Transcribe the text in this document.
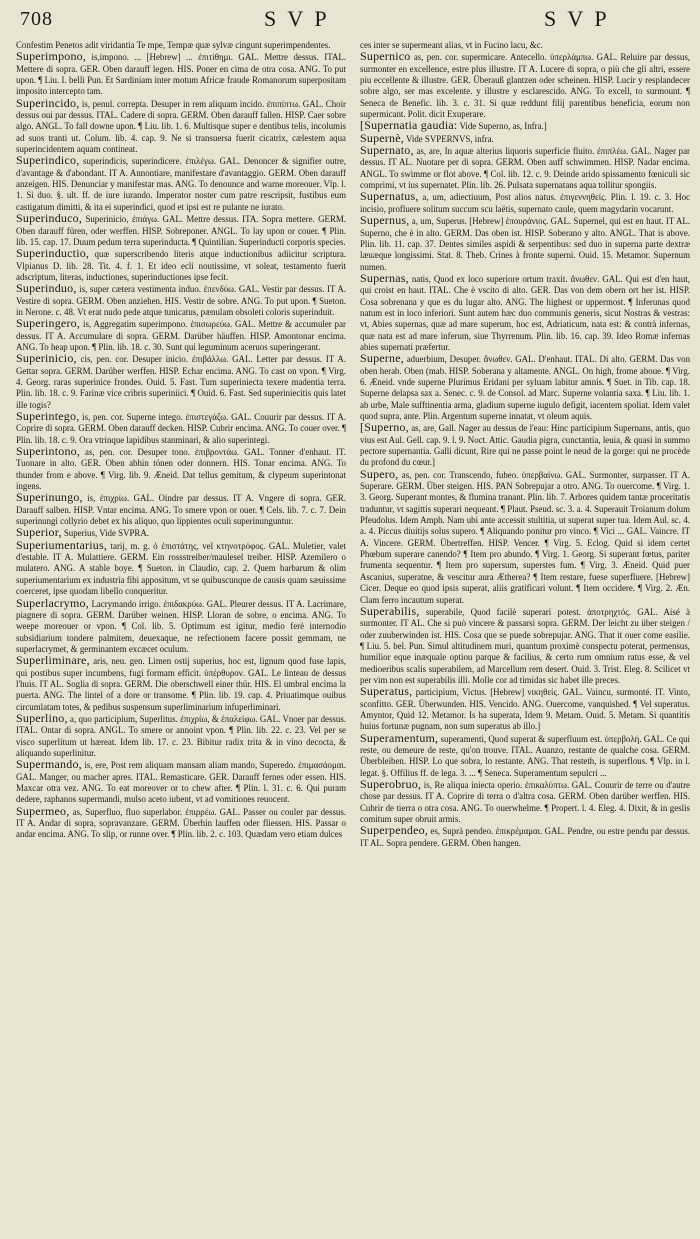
708	S V P	S V P

Confestim Penetos adit viridantia Te mpe, Tempæ quæ sylvæ cingunt superimpendentes.

Superimpono, is,impono. ... [Hebrew] ... ἐπιτίθημι. GAL. Mettre dessus. ITAL. Mettere di sopra. GER. Oben darauff legen. HIS. Poner en cima de otra cosa. ANG. To put upon. ¶ Liu. I. belli Pun. Et Sardiniam inter motum Africæ fraude Romanorum superpositam imposito intercepto tam.

Superincido, is, penul. correpta. Desuper in rem aliquam incido. ἐπιπίπτω. GAL. Choir dessus oui par dessus. ITAL. Cadere di sopra. GERM. Oben darauff fallen. HISP. Caer sobre algo. ANGL. To fall downe upon. ¶ Liu. lib. 1. 6. Multisque super e dentibus telis, incolumis ad suos tranti ut. Colum. lib. 4. cap. 9. Ne si transuersa fuerit cicatrix, cælestem aqua superincidentem aquam contineat.

Superindico, superindicis, superindicere. ἐπιλέγω. GAL. Denoncer & signifier outre, d'avantage & d'abondant. IT A. Annontiare, manifestare d'avantaggio. GERM. Oben darauff anzeigen. HIS. Denunciar y manifestar mas. ANG. To denounce and warne moreouer. Vlp. l. 1. Si duo. §. ult. ff. de iure iurando. Imperator noster cum patre rescripsit, fustibus eum castigatum dimitti, & ita ei superindici, quod et ipsi est re pulante ne iurato.

Superinduco, Superinicio, ἐπιάγω. GAL. Mettre dessus. ITA. Sopra mettere. GERM. Oben darauff füren, oder werffen. HISP. Sobreponer. ANGL. To lay upon or couer. ¶ Plin. lib. 15. cap. 17. Duum pedum terra superinducta. ¶ Quintilian. Superinducti corporis species.

Superinductio, quæ superscribendo literis atque inductionibus adiicitur scriptura. Vlpianus D. lib. 28. Tit. 4. f. 1. Et ideo ecli noutissime, vt soleat, testamento fuerit adscriptum, literas, inductiones, superinductiones ipse fecit.

Superinduo, is, super cætera vestimenta induo. ἐπενδύω. GAL. Vestir par dessus. IT A. Vestire di sopra. GERM. Oben anziehen. HIS. Vestir de sobre. ANG. To put upon. ¶ Sueton. in Nerone. c. 48. Vt erat nudo pede atque tunicatus, pænulam obsoleti coloris superinduit.

Superingero, is, Aggregatim superimpono. ἐπισωρεύω. GAL. Mettre & accumuler par dessus. IT A. Accumulare di sopra. GERM. Darüber häuffen. HISP. Amontonar encima. ANG. To heap upon. ¶ Plin. lib. 18. c. 30. Sunt qui leguminum aceruos superingerant.

Superinicio, cis, pen. cor. Desuper inicio. ἐπιβάλλω. GAL. Letter par dessus. IT A. Gettar sopra. GERM. Darüber werffen. HISP. Echar encima. ANG. To cast on vpon. ¶ Virg. 4. Georg. raras superinice frondes. Ouid. 5. Fast. Tum superiniecta texere madentia terra. Plin. lib. 18. c. 9. Farinæ vice cribris superiniici. ¶ Ouid. 6. Fast. Sed superiniecitis quis latet ille togis?

Superintego, is, pen. cor. Superne intego. ἐπιστεγάζω. GAL. Couurir par dessus. IT A. Coprire di sopra. GERM. Oben darauff decken. HISP. Cubrir encima. ANG. To couer over. ¶ Plin. lib. 18. c. 9. Ora vtrinque lapidibus stanminari, & alio superintegi.

Superintono, as, pen. cor. Desuper tono. ἐπιβροντάω. GAL. Tonner d'enhaut. IT. Tuonare in alto. GER. Oben abhin tönen oder donnern. HIS. Tonar encima. ANG. To thunder from e above. ¶ Virg. lib. 9. Æneid. Dat tellus gemitum, & clypeum superintonat ingens.

Superinungo, is, ἐπιχρίω. GAL. Oindre par dessus. IT A. Vngere di sopra. GER. Darauff salben. HISP. Vntar encima. ANG. To smere vpon or ouer. ¶ Cels. lib. 7. c. 7. Dein superinungi collyrio debet ex his aliquo, quo lippientes oculi superinunguntur.

Superior, Superius, Vide SVPRA.

Superiumentarius, tarij, m. g. ὁ ἐπιστάτης, vel κτηνοτρόφος. GAL. Muletier, valet d'estable. IT A. Mulattiere. GERM. Ein rossstreiber/maulesel treiber. HISP. Azemilero o mulatero. ANG. A stable boye. ¶ Sueton. in Claudio, cap. 2. Quem barbarum & olim superiumentarium ex industria fibi appositum, vt se quibuscunque de causis quam sæuissime coerceret, ipse quodam libello conqueritur.

Superlacrymo, Lacrymando irrigo. ἐπιδακρύω. GAL. Pleurer dessus. IT A. Lacrimare, piagnere di sopra. GERM. Darüber weinen. HISP. Lloran de sobre, o encima. ANG. To weepe moreouer or vpon. ¶ Col. lib. 5. Optimum est igitur, medio ferè internodio subsidiarium tondere palmitem, deuexaque, ne refectionem facere possit gemmam, ne superlacrymet, & germinantem excæcet oculum.

Superliminare, aris, neu. gen. Limen ostij superius, hoc est, lignum quod fuse lapis, qui postibus super incumbens, fugi formam efficit. ὑπέρθυρον. GAL. Le linteau de dessus l'huis. IT AL. Soglia di sopra. GERM. Die oberschwell einer thür. HIS. El umbral encima la puerta. ANG. The lintel of a dore or transome. ¶ Plin. lib. 19. cap. 4. Priuatimque ouibus circumlatam totes, & pedibus suspensum superliminarium infuperliminari.

Superlino, a, quo participium, Superlitus. ἐπιχρίω, & ἐπαλείφω. GAL. Vnoer par dessus. ITAL. Ontar di sopra. ANGL. To smere or annoint vpon. ¶ Plin. lib. 22. c. 23. Vel per se visco superlitum ut hæreat. Idem lib. 17. c. 23. Bibitur radix trita & in vino decocta, & aliquando superlinitur.

Supermando, is, ere, Post rem aliquam mansam aliam mando, Superedo. ἐπιμασάομαι. GAL. Manger, ou macher apres. ITAL. Remasticare. GER. Darauff fernes oder essen. HIS. Maxcar otra vez. ANG. To eat moreover or to chew after. ¶ Plin. l. 31. c. 6. Qui puram dedere, raphanos supermandi, mulso aceto iubent, vt ad vomitiones reuocent.

Supermeo, as, Superfluo, fluo superlabor. ἐπιρρέω. GAL. Passer ou couler par dessus. IT A. Andar di sopra, sopravanzare. GERM. Überhin lauffen oder fliessen. HIS. Passar o andar encima. ANG. To slip, or runne over. ¶ Plin. lib. 2. c. 103. Quædam vero etiam dulces

ces inter se supermeant alias, vt in Fucino lacu, &c.

Supernico as, pen. cor. supermicare. Antecello. ὑπερλάμπω. GAL. Reluire par dessus, surmonter en excellence, estre plus illustre. IT A. Lucere di sopra, o più che gli altri, essere piu eccellente & illustre. GER. Überauß glantzen oder scheinen. HISP. Lucir y resplandecer sobre algo, ser mas excelente. y illustre y esclarescido. ANG. To excell, to surmount. ¶ Seneca de Benefic. lib. 3. c. 31. Si quæ reddunt filij parentibus beneficia, eorum non supermicant. Polit. dicit Exuperare.

[Supernatia gaudia: Vide Superno, as, Infra.]

Supernè, Vide SVPERNVS, infra.

Supernato, as, are, In aquæ alterius liquoris superficie fluito. ἐπιπλέω. GAL. Nager par dessus. IT AL. Nuotare per di sopra. GERM. Oben auff schwimmen. HISP. Nadar encima. ANGL. To swimme or flot above. ¶ Col. lib. 12. c. 9. Deinde arido spissamento fœniculi sic comprimi, vt ius supernatet. Plin. lib. 26. Pulsata supernatans aqua tollitur spongiis.

Supernatus, a, um, adiectiuum, Post alios natus. ἐπιγεννηθείς. Plin. l. 19. c. 3. Hoc incisio, profluere solitum succum scu laëtis, supernato caule, quem magydarin vocarunt.

Supernus, a, um, Superus. [Hebrew] ἐπουράνιος. GAL. Supernel, qui est en haut. IT AL. Superno, che è in alto. GERM. Das oben ist. HISP. Soberano y alto. ANGL. That is above. Plin. lib. 11. cap. 37. Dentes similes aspidi & serpentibus: sed duo in superna parte dextræ læuæque longissimi. Stat. 8. Theb. Crines à fronte superni. Ouid. 15. Metamor. Supernum numen.

Supernas, natis, Quod ex loco superiore ortum traxit. ἄνωθεν. GAL. Qui est d'en haut, qui croist en haut. ITAL. Che è vscito di alto. GER. Das von dem obern ort her ist. HISP. Cosa sobrenana y que es du lugar alto. ANG. The highest or uppermost. ¶ Inferunas quod natum est in loco inferiori. Sunt autem hæc duo communis generis, sicut Nostras & vestras: vt, Abies supernas, quæ ad mare superum, hoc est, Adriaticum, nata est: & contrà infernas, quæ nata est ad mare inferum, siue Thyrrenum. Plin. lib. 16. cap. 39. Ideo Romæ infernas abies supernati præfertur.

Superne, aduerbium, Desuper. ἄνωθεν. GAL. D'enhaut. ITAL. Di alto. GERM. Das von oben herab. Oben (mab. HISP. Soberana y altamente. ANGL. On high, frome aboue. ¶ Virg. 6. Æneid. vnde superne Plurimus Eridani per syluam labitur amnis. ¶ Suet. in Tib. cap. 18. Superne delapsa sax a. Senec. c. 9. de Consol. ad Marc. Superne volantia saxa. ¶ Liu. lib. 1. ab urbe, Male sufftinentia arma, gladium superne iugulo defigit, iacentem spoliat. Idem valet quod supra, ante. Plin. Argentum superne innatat, vt oleum aquis.

[Superno, as, are, Gall. Nager au dessus de l'eau: Hinc participium Supernans, antis, quo vius est Aul. Gell. cap. 9. l. 9. Noct. Attic. Gaudia pigra, cunctantia, leuia, & quasi in summo pectore supernantia. Galli dicunt, Rire qui ne passe point le neud de la gorge: qui ne procède du profond du cœur.]

Supero, as, pen. cor. Transcendo, fubeo. ὑπερβαίνω. GAL. Surmonter, surpasser. IT A. Superare. GERM. Über steigen. HIS. PAN Sobrepujar a otro. ANG. To ouercome. ¶ Virg. 1. 3. Georg. Superant montes, & flumina tranant. Plin. lib. 7. Arbores quidem tantæ proceritatis traduntur, vt sagittis superari nequeant. ¶ Plaut. Pseud. sc. 3. a. 4. Superauit Troianum dolum Pfeudolus. Idem Amph. Nam ubi ante accessit stultitia, ut superat super tua. Idem Aul. sc. 4. a. 4. Piccus diuitijs solus supero. ¶ Aliquando ponitur pro vinco. ¶ Vici ... GAL. Vaincre. IT A. Vincere. GERM. Übertreffen. HISP. Vencer. ¶ Virg. 5. Eclog. Quid si idem certet Phœbum superare canendo? ¶ Item pro abundo. ¶ Virg. 1. Georg. Si superant fœtus, pariter frumenta sequentur. ¶ Item pro supersum, superstes fum. ¶ Virg. 3. Æneid. Quid puer Ascanius, superatne, & vescitur aura Ætherea? ¶ Item restare, fuese superfluere. [Hebrew] Cicer. Deque eo quod ipsis superat, aliis gratificari volunt. ¶ Item occidere. ¶ Virg. 2. Æn. Clam ferro incautum superat.

Superabilis, superabile, Quod facilè superari potest. ἀποτρηχτός. GAL. Aisé à surmonter. IT AL. Che si può vincere & passarsi sopra. GERM. Der leicht zu über steigen / oder zuuberwinden ist. HIS. Cosa que se puede sobrepujar. ANG. That it ouer come easilie. ¶ Liu. 5. bel. Pun. Simul altitudinem muri, quantum proximè conspectu poterat, permensus, humilior eque inæquale optiou parque & facilius, & certo rum omnium ratus esse, & vel medioeribus scalis superabilem, ad Marcellum rem desert. Ouid. 3. Trist. Eleg. 8. Scilicet vt per vim non est superabilis illi. Molle cor ad timidas sic habet ille preces.

Superatus, participium, Victus. [Hebrew] νικηθείς. GAL. Vaincu, surmonté. IT. Vinto, sconfitto. GER. Überwunden. HIS. Vencido. ANG. Ouercome, vanquished. ¶ Vel superatus. Amyntor, Quid 12. Metamor. Is ha superata, Idem 9. Metam. Ouid. 5. Metam. Si quantitis huius fortunæ pugnam, non sum superatus ab illo.]

Superamentum, superamenti, Quod superat & superfluum est. ὑπερβολή. GAL. Ce qui reste, ou demeure de reste, qu'on trouve. ITAL. Auanzo, restante de qualche cosa. GERM. Überbleiben. HISP. Lo que sobra, lo restante. ANG. That resteth, is superflous. ¶ Vlp. in l. legat. §. Offilius ff. de lega. 3. ... ¶ Seneca. Superamentum sepulcri ...

Superobruo, is, Re aliqua iniecta operio. ἐπικαλύπτω. GAL. Couurir de terre ou d'autre chose par dessus. IT A. Coprire di terra o d'altra cosa. GERM. Oben darüber werffen. HIS. Cubrir de tierra o otra cosa. ANG. To ouerwhelme. ¶ Propert. l. 4. Eleg. 4. Dixit, & in geslis comitum super obruit armis.

Superpendeo, es, Suprà pendeo. ἐπικρέμαμαι. GAL. Pendre, ou estre pendu par dessus. IT AL. Sopra pendere. GERM. Oben hangen.
